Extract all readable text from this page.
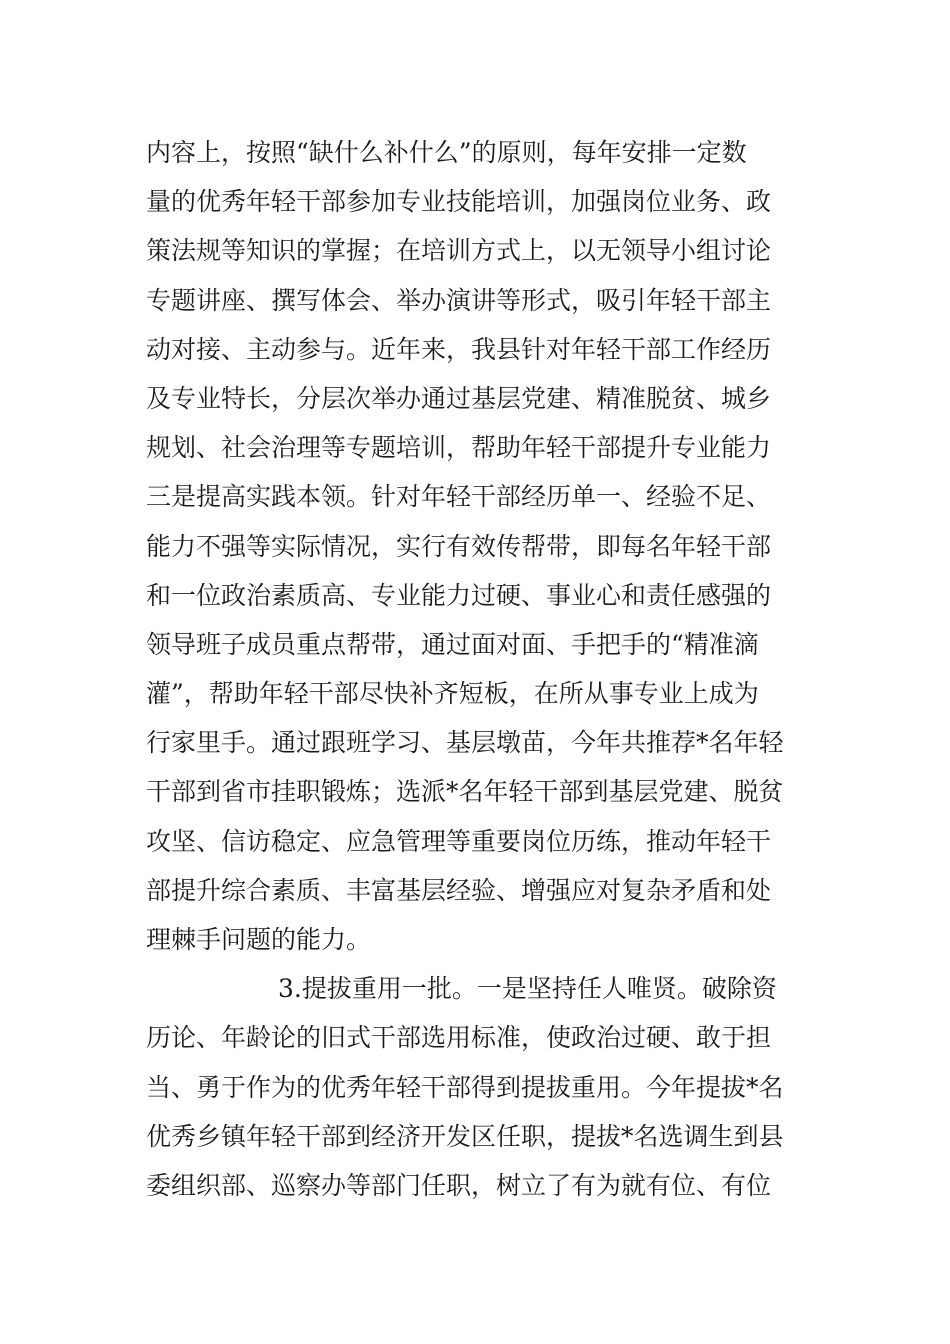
内容上，按照“缺什么补什么”的原则，每年安排一定数
量的优秀年轻干部参加专业技能培训，加强岗位业务、政
策法规等知识的掌握；在培训方式上，以无领导小组讨论
专题讲座、撰写体会、举办演讲等形式，吸引年轻干部主
动对接、主动参与。近年来，我县针对年轻干部工作经历
及专业特长，分层次举办通过基层党建、精准脱贫、城乡
规划、社会治理等专题培训，帮助年轻干部提升专业能力
三是提高实践本领。针对年轻干部经历单一、经验不足、
能力不强等实际情况，实行有效传帮带，即每名年轻干部
和一位政治素质高、专业能力过硬、事业心和责任感强的
领导班子成员重点帮带，通过面对面、手把手的“精准滴
灌”，帮助年轻干部尽快补齐短板，在所从事专业上成为
行家里手。通过跟班学习、基层墩苗，今年共推荐*名年轻
干部到省市挂职锻炼；选派*名年轻干部到基层党建、脱贫
攻坚、信访稳定、应急管理等重要岗位历练，推动年轻干
部提升综合素质、丰富基层经验、增强应对复杂矛盾和处
理棘手问题的能力。
3.提拔重用一批。一是坚持任人唯贤。破除资
历论、年龄论的旧式干部选用标准，使政治过硬、敢于担
当、勇于作为的优秀年轻干部得到提拔重用。今年提拔*名
优秀乡镇年轻干部到经济开发区任职，提拔*名选调生到县
委组织部、巡察办等部门任职，树立了有为就有位、有位
